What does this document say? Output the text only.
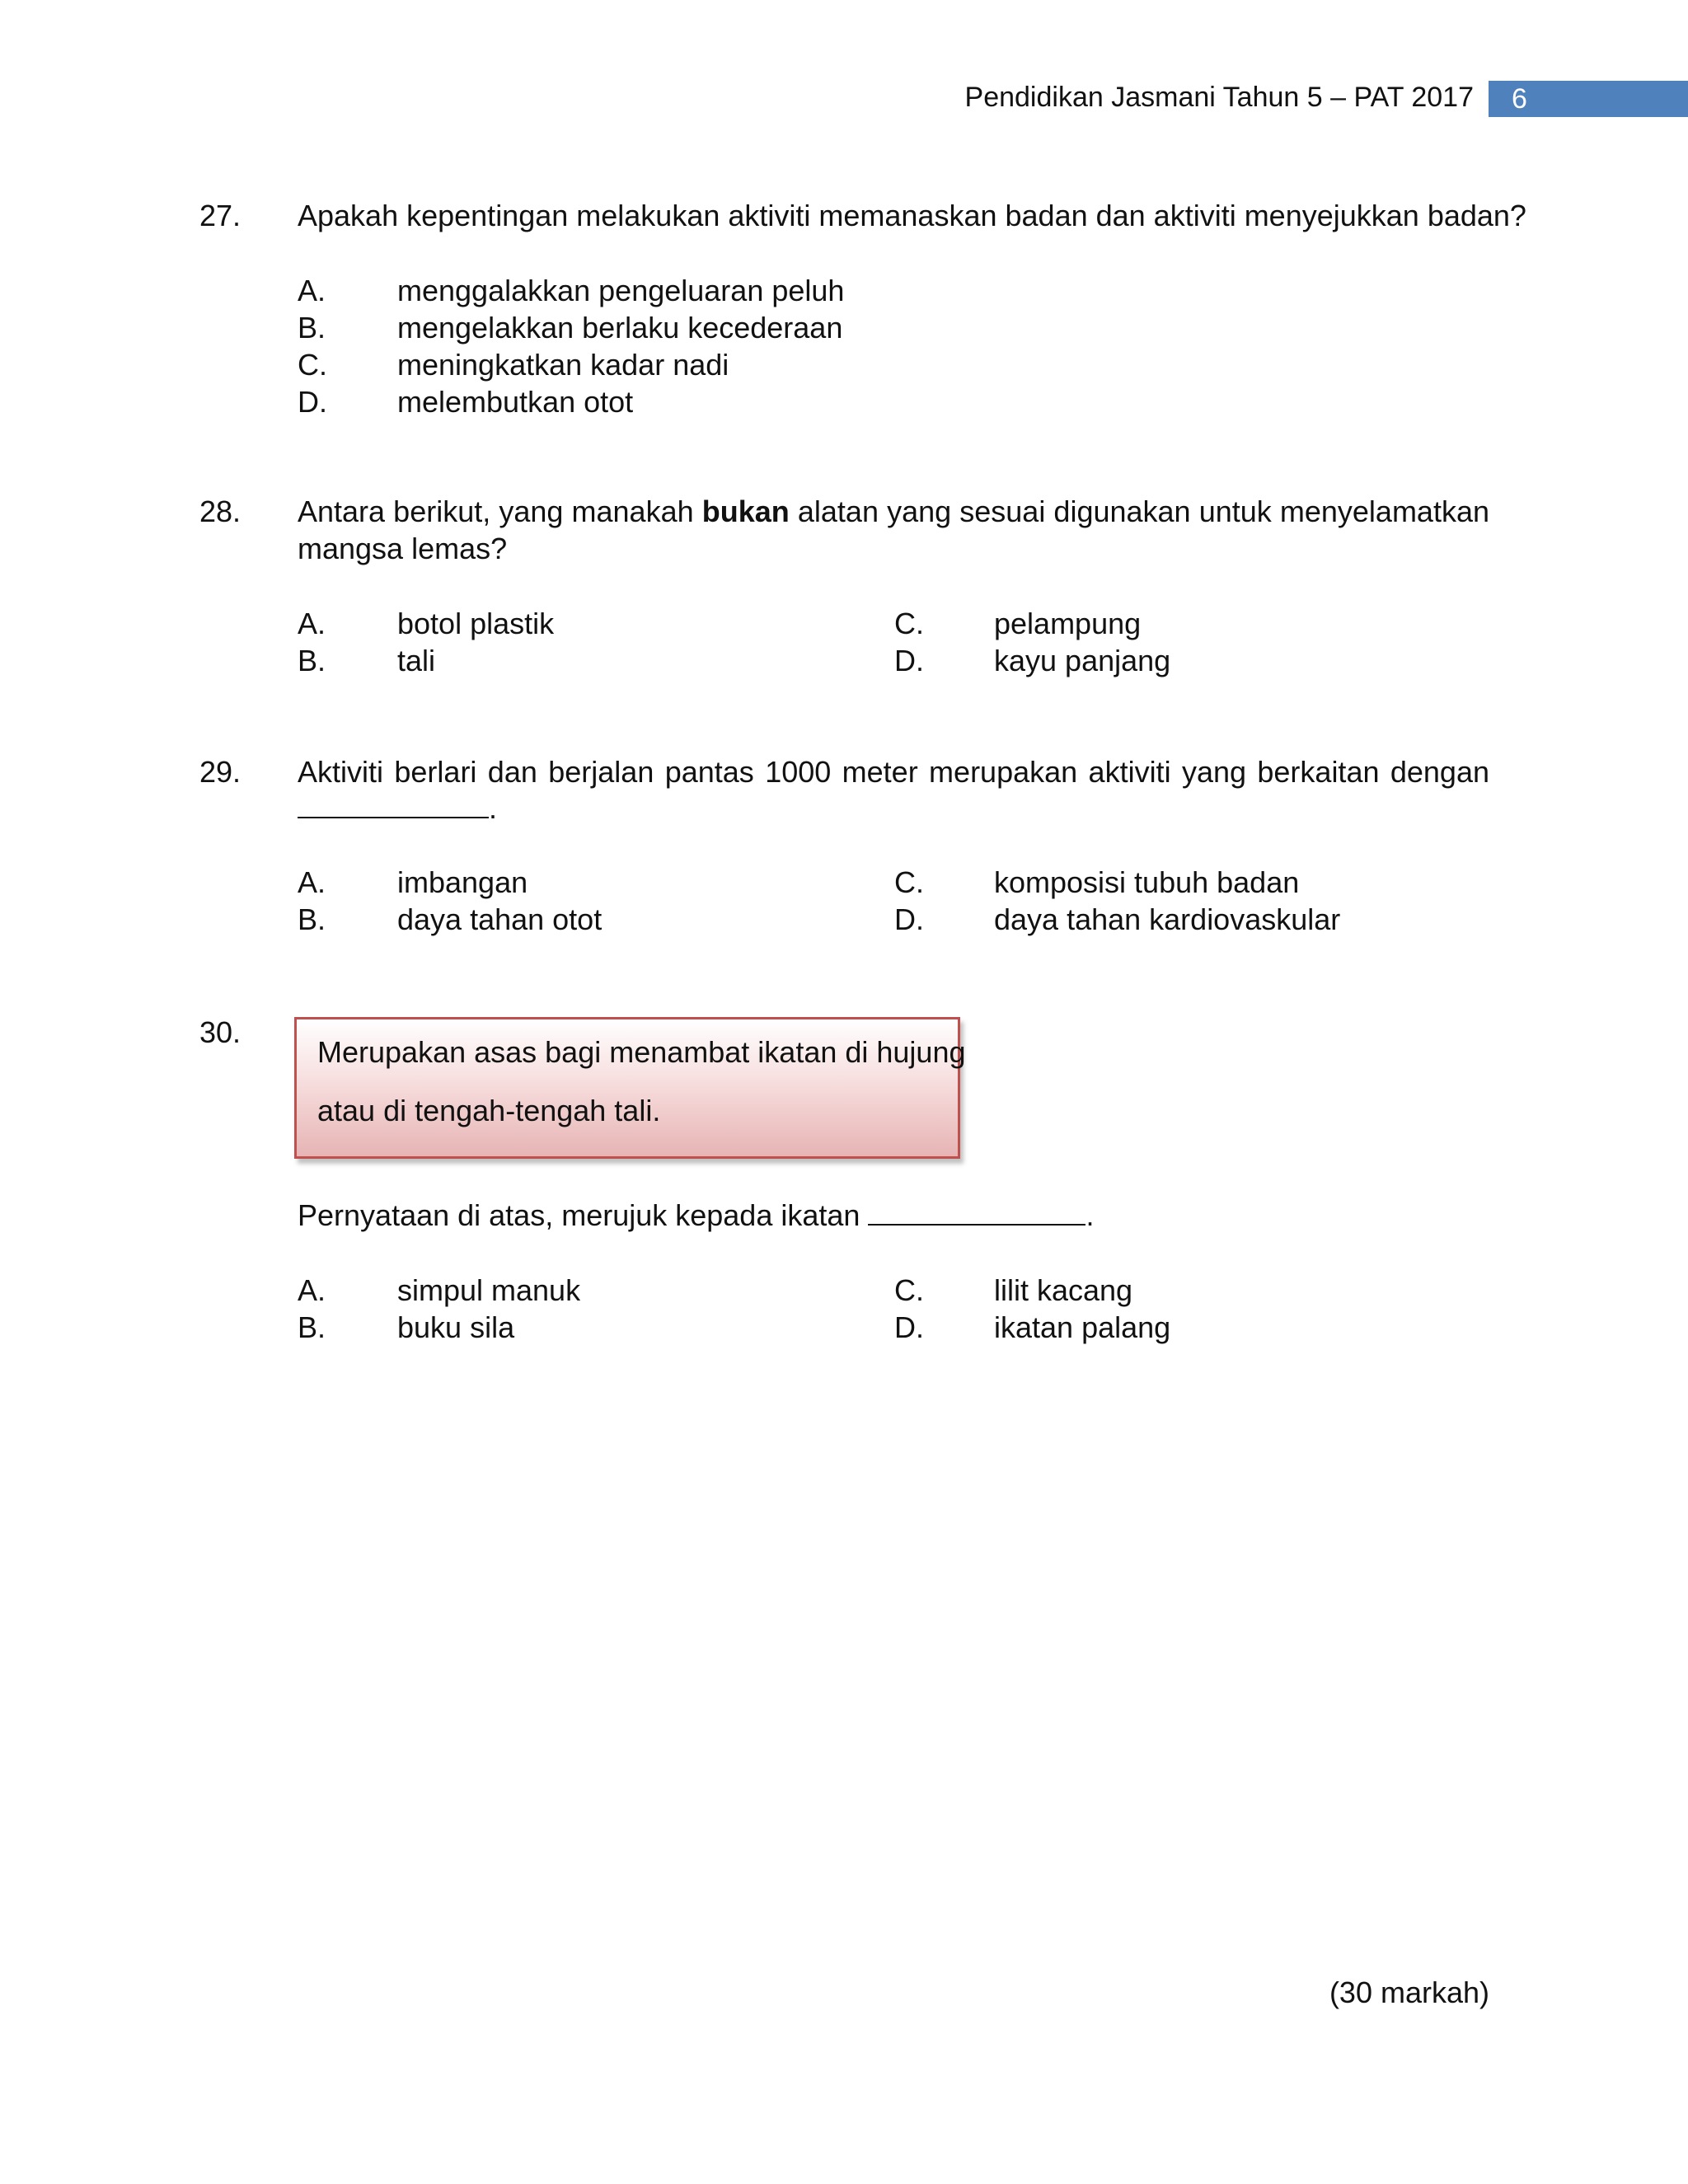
Pendidikan Jasmani Tahun 5 – PAT 2017 6
27. Apakah kepentingan melakukan aktiviti memanaskan badan dan aktiviti menyejukkan badan?
A. menggalakkan pengeluaran peluh
B. mengelakkan berlaku kecederaan
C. meningkatkan kadar nadi
D. melembutkan otot
28. Antara berikut, yang manakah bukan alatan yang sesuai digunakan untuk menyelamatkan
mangsa lemas?
A. botol plastik
B. tali
C. pelampung
D. kayu panjang
29. Aktiviti berlari dan berjalan pantas 1000 meter merupakan aktiviti yang berkaitan dengan
.
A. imbangan
B. daya tahan otot
C. komposisi tubuh badan
D. daya tahan kardiovaskular
30.
Merupakan asas bagi menambat ikatan di hujung
atau di tengah-tengah tali.
Pernyataan di atas, merujuk kepada ikatan	.
A. simpul manuk
B. buku sila
C. lilit kacang
D. ikatan palang
(30 markah)
